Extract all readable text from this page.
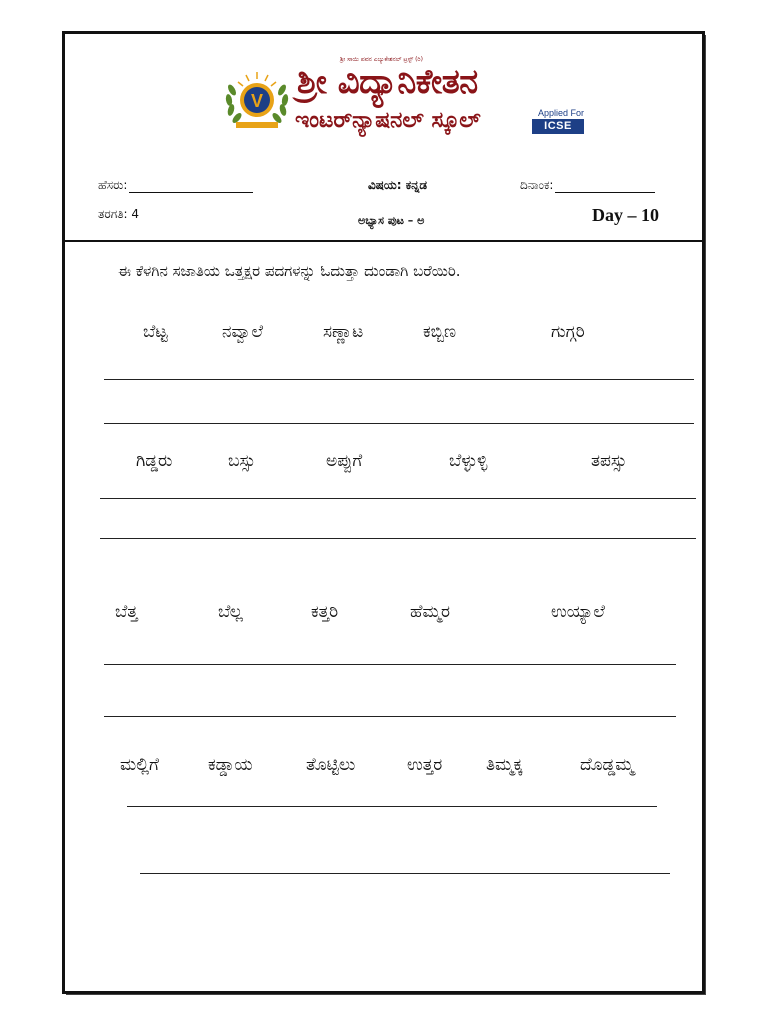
V
ಶ್ರೀ ಸಾಯಿ ಪವನ ಎಜ್ಯುಕೇಶನಲ್ ಟ್ರಸ್ಟ್ (ರಿ)
ಶ್ರೀ ವಿದ್ಯಾನಿಕೇತನ
ಇಂಟರ್‌ನ್ಯಾಷನಲ್ ಸ್ಕೂಲ್	Applied For
ICSE
ಹೆಸರು:	ವಿಷಯ: ಕನ್ನಡ	ದಿನಾಂಕ:
ತರಗತಿ: 4	ಅಭ್ಯಾಸ ಪುಟ – ಅ	Day – 10
ಈ ಕೆಳಗಿನ ಸಜಾತಿಯ ಒತ್ತಕ್ಷರ ಪದಗಳನ್ನು ಓದುತ್ತಾ ದುಂಡಾಗಿ ಬರೆಯಿರಿ.
ಬೆಟ್ಟ	ನವ್ವಾಲೆ	ಸಣ್ಣಾಟ	ಕಬ್ಬಿಣ	ಗುಗ್ಗರಿ
ಗಿಡ್ಡರು	ಬಸ್ಸು	ಅಪ್ಪುಗೆ	ಬೆಳ್ಳುಳ್ಳಿ	ತಪಸ್ಸು
ಬೆತ್ತ	ಬೆಲ್ಲ	ಕತ್ತರಿ	ಹೆಮ್ಮರ	ಉಯ್ಯಾಲೆ
ಮಲ್ಲಿಗೆ	ಕಡ್ಡಾಯ	ತೊಟ್ಟಿಲು	ಉತ್ತರ	ತಿಮ್ಮಕ್ಕ	ದೊಡ್ಡಮ್ಮ
